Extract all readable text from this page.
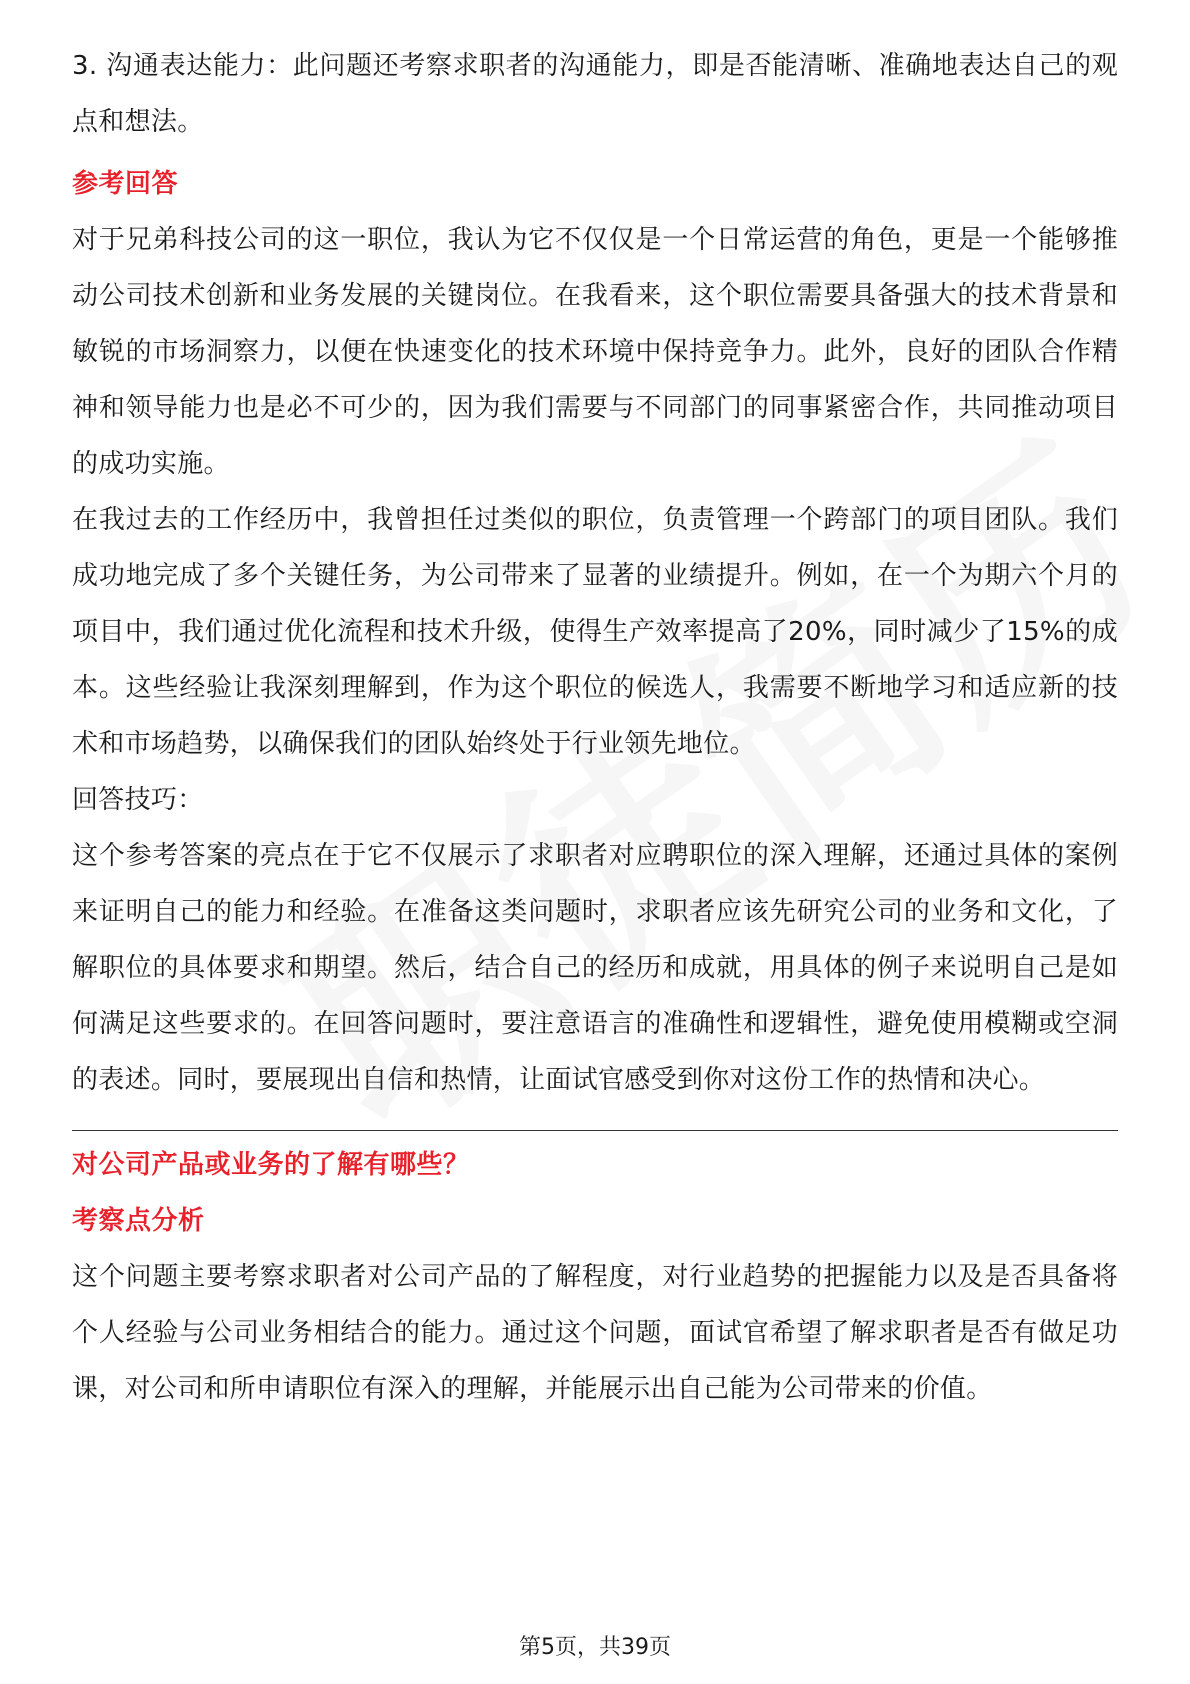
3. 沟通表达能力：此问题还考察求职者的沟通能力，即是否能清晰、准确地表达自己的观点和想法。

参考回答

对于兄弟科技公司的这一职位，我认为它不仅仅是一个日常运营的角色，更是一个能够推动公司技术创新和业务发展的关键岗位。在我看来，这个职位需要具备强大的技术背景和敏锐的市场洞察力，以便在快速变化的技术环境中保持竞争力。此外，良好的团队合作精神和领导能力也是必不可少的，因为我们需要与不同部门的同事紧密合作，共同推动项目的成功实施。

在我过去的工作经历中，我曾担任过类似的职位，负责管理一个跨部门的项目团队。我们成功地完成了多个关键任务，为公司带来了显著的业绩提升。例如，在一个为期六个月的项目中，我们通过优化流程和技术升级，使得生产效率提高了20%，同时减少了15%的成本。这些经验让我深刻理解到，作为这个职位的候选人，我需要不断地学习和适应新的技术和市场趋势，以确保我们的团队始终处于行业领先地位。

回答技巧：

这个参考答案的亮点在于它不仅展示了求职者对应聘职位的深入理解，还通过具体的案例来证明自己的能力和经验。在准备这类问题时，求职者应该先研究公司的业务和文化，了解职位的具体要求和期望。然后，结合自己的经历和成就，用具体的例子来说明自己是如何满足这些要求的。在回答问题时，要注意语言的准确性和逻辑性，避免使用模糊或空洞的表述。同时，要展现出自信和热情，让面试官感受到你对这份工作的热情和决心。

对公司产品或业务的了解有哪些？

考察点分析

这个问题主要考察求职者对公司产品的了解程度，对行业趋势的把握能力以及是否具备将个人经验与公司业务相结合的能力。通过这个问题，面试官希望了解求职者是否有做足功课，对公司和所申请职位有深入的理解，并能展示出自己能为公司带来的价值。

第5页，共39页
